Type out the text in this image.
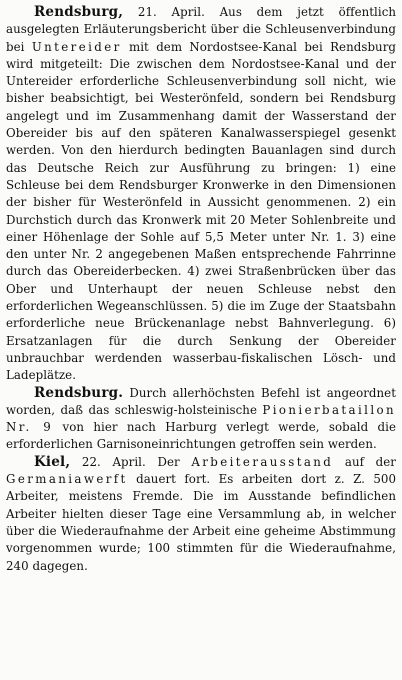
Rendsburg, 21. April. Aus dem jetzt öffentlich ausgelegten Erläuterungsbericht über die Schleusenverbindung bei Untereider mit dem Nordostsee-Kanal bei Rendsburg wird mitgeteilt: Die zwischen dem Nordostsee-Kanal und der Untereider erforderliche Schleusenverbindung soll nicht, wie bisher beabsichtigt, bei Westerönfeld, sondern bei Rendsburg angelegt und im Zusammenhang damit der Wasserstand der Obereider bis auf den späteren Kanalwasserspiegel gesenkt werden. Von den hierdurch bedingten Bauanlagen sind durch das Deutsche Reich zur Ausführung zu bringen: 1) eine Schleuse bei dem Rendsburger Kronwerke in den Dimensionen der bisher für Westerönfeld in Aussicht genommenen. 2) ein Durchstich durch das Kronwerk mit 20 Meter Sohlenbreite und einer Höhenlage der Sohle auf 5,5 Meter unter Nr. 1. 3) eine den unter Nr. 2 angegebenen Maßen entsprechende Fahrrinne durch das Obereiderbecken. 4) zwei Straßenbrücken über das Ober und Unterhaupt der neuen Schleuse nebst den erforderlichen Wegeanschlüssen. 5) die im Zuge der Staatsbahn erforderliche neue Brückenanlage nebst Bahnverlegung. 6) Ersatzanlagen für die durch Senkung der Obereider unbrauchbar werdenden wasserbau-fiskalischen Lösch- und Ladeplätze.

Rendsburg. Durch allerhöchsten Befehl ist angeordnet worden, daß das schleswig-holsteinische Pionierbataillon Nr. 9 von hier nach Harburg verlegt werde, sobald die erforderlichen Garnisoneinrichtungen getroffen sein werden.

Kiel, 22. April. Der Arbeiterausstand auf der Germaniawerft dauert fort. Es arbeiten dort z. Z. 500 Arbeiter, meistens Fremde. Die im Ausstande befindlichen Arbeiter hielten dieser Tage eine Versammlung ab, in welcher über die Wiederaufnahme der Arbeit eine geheime Abstimmung vorgenommen wurde; 100 stimmten für die Wiederaufnahme, 240 dagegen.
